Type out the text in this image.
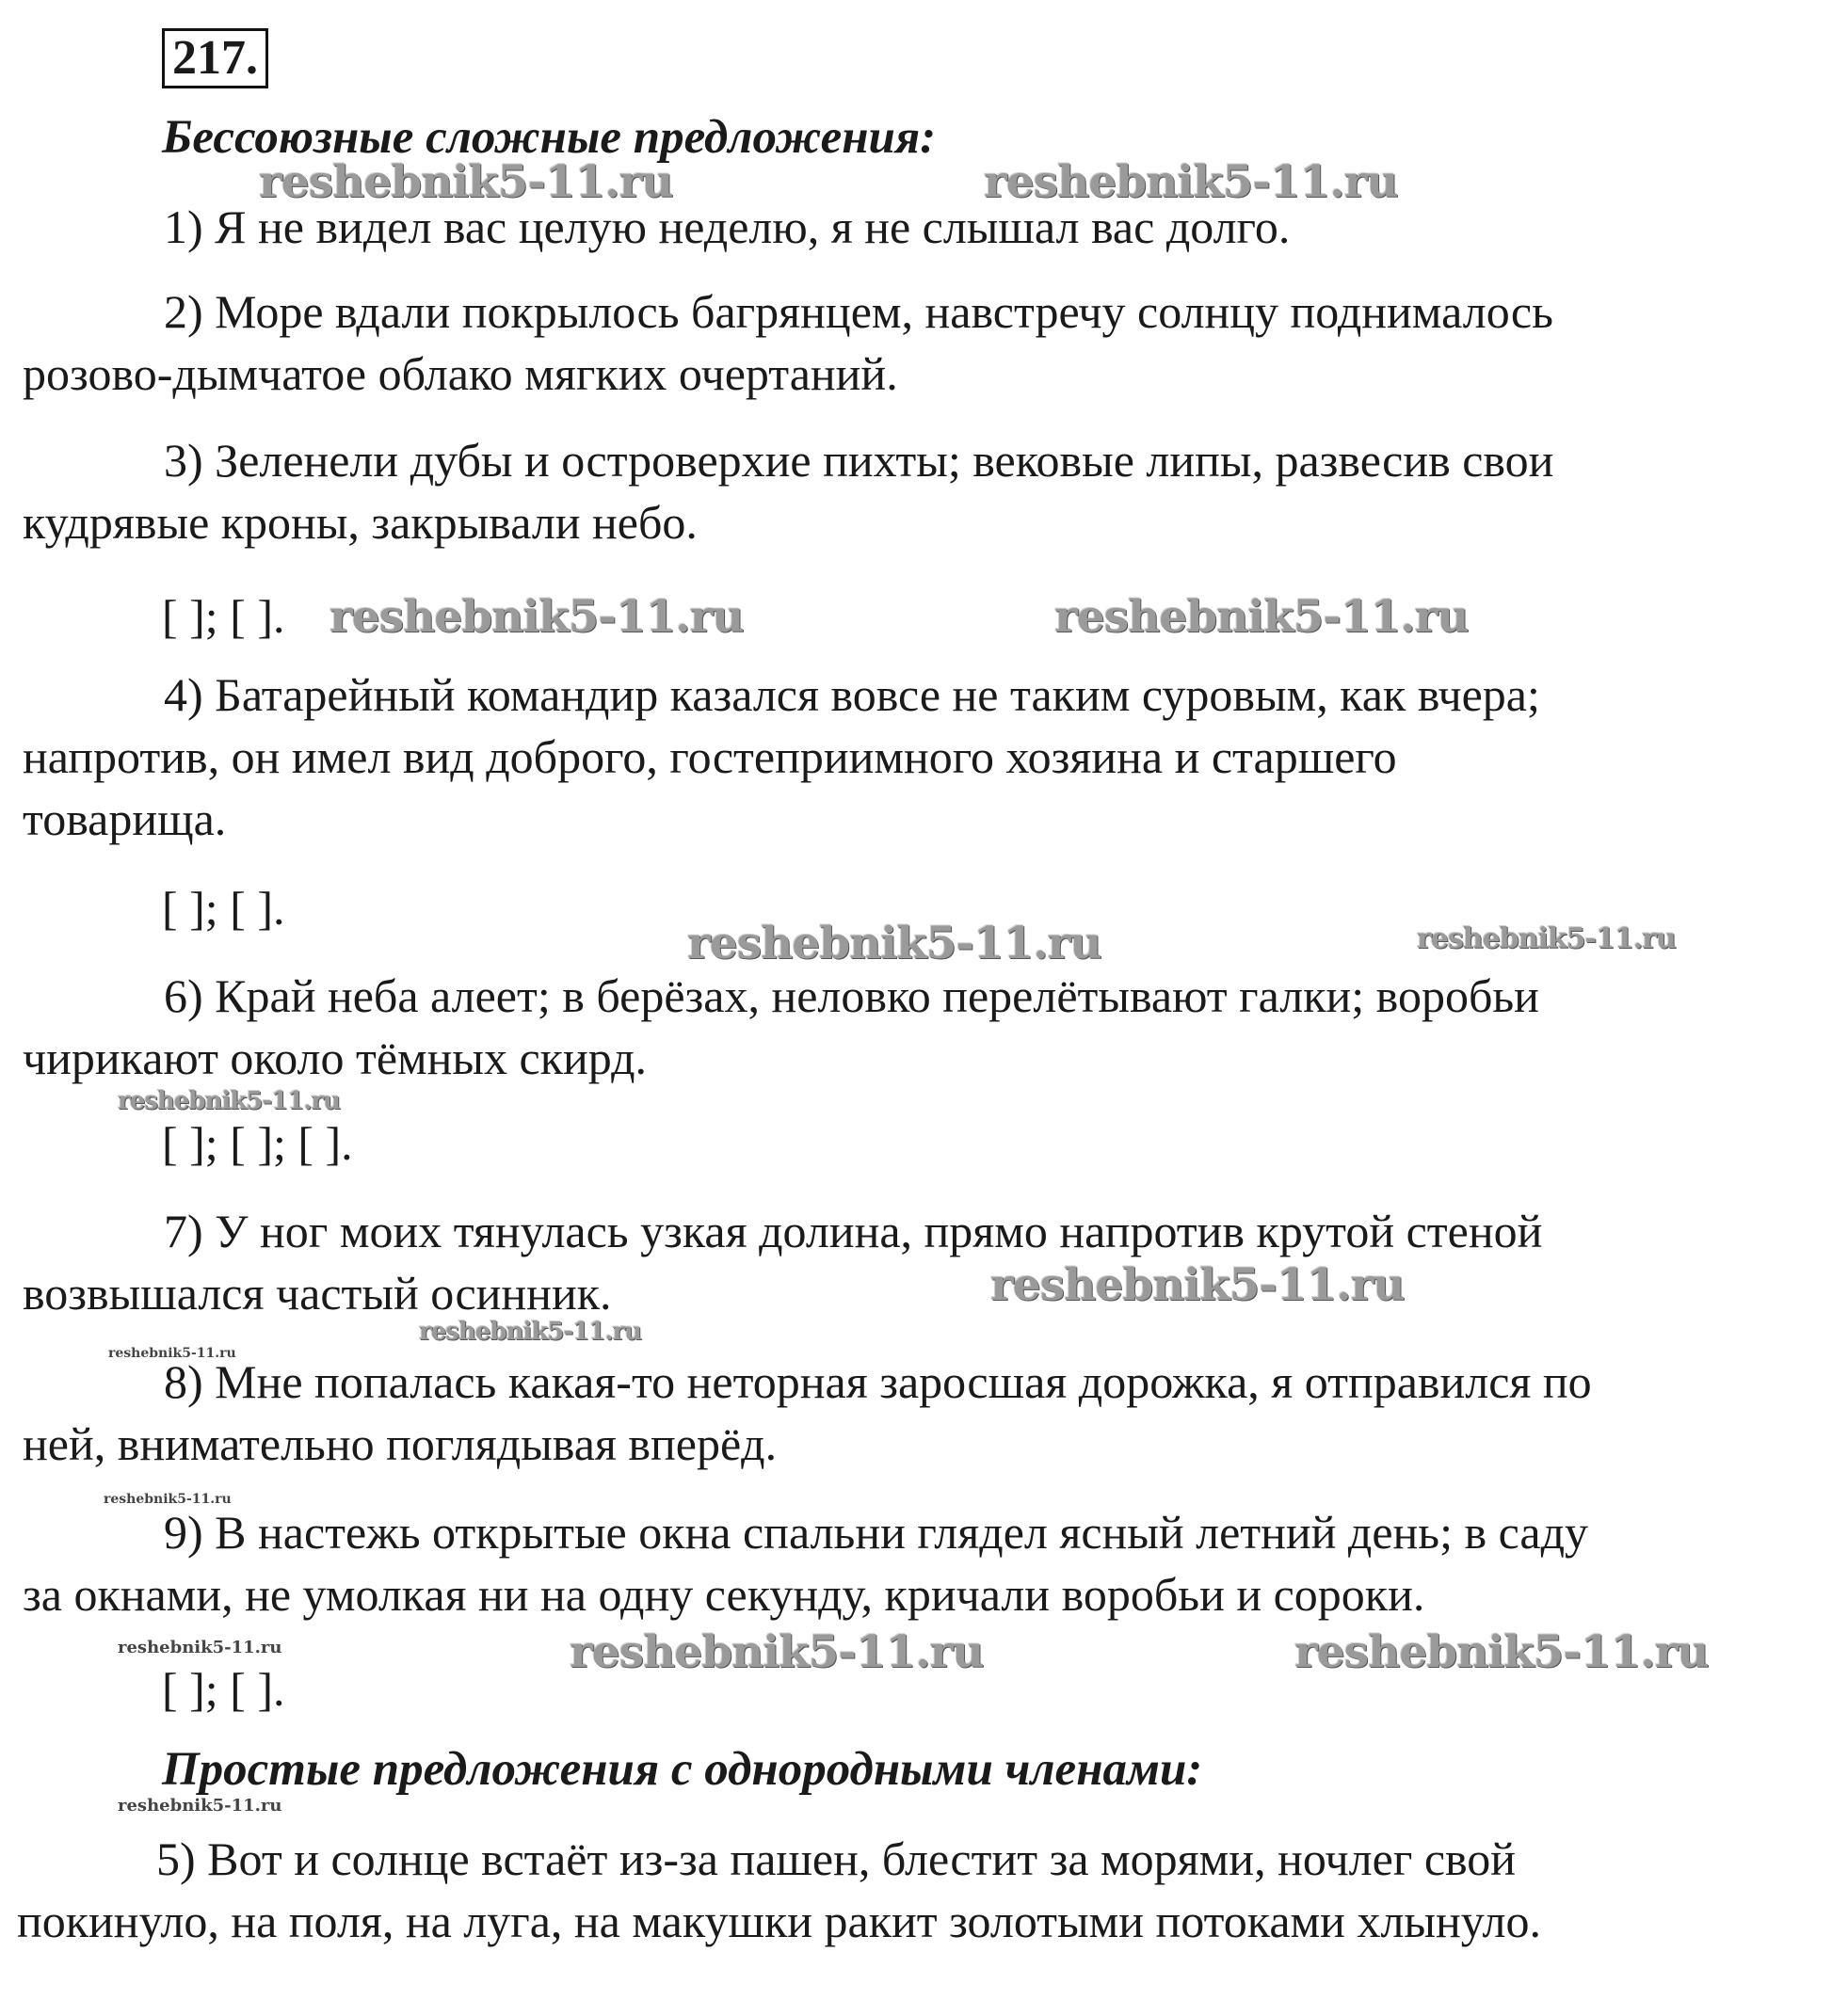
217.
Бессоюзные сложные предложения:
reshebnik5-11.ru	reshebnik5-11.ru
1) Я не видел вас целую неделю, я не слышал вас долго.
2) Море вдали покрылось багрянцем, навстречу солнцу поднималось
розово-дымчатое облако мягких очертаний.
3) Зеленели дубы и островерхие пихты; вековые липы, развесив свои
кудрявые кроны, закрывали небо.
[ ]; [ ]. reshebnik5-11.ru	reshebnik5-11.ru
4) Батарейный командир казался вовсе не таким суровым, как вчера;
напротив, он имел вид доброго, гостеприимного хозяина и старшего
товарища.
[ ]; [ ].
reshebnik5-11.ru	reshebnik5-11.ru
6) Край неба алеет; в берёзах, неловко перелётывают галки; воробьи
чирикают около тёмных скирд.
reshebnik5-11.ru
[ ]; [ ]; [ ].
7) У ног моих тянулась узкая долина, прямо напротив крутой стеной
возвышался частый осинник.	reshebnik5-11.ru
reshebnik5-11.ru
reshebnik5-11.ru
8) Мне попалась какая-то неторная заросшая дорожка, я отправился по
ней, внимательно поглядывая вперёд.
reshebnik5-11.ru
9) В настежь открытые окна спальни глядел ясный летний день; в саду
за окнами, не умолкая ни на одну секунду, кричали воробьи и сороки.
reshebnik5-11.ru	reshebnik5-11.ru	reshebnik5-11.ru
[ ]; [ ].
Простые предложения с однородными членами:
reshebnik5-11.ru
5) Вот и солнце встаёт из-за пашен, блестит за морями, ночлег свой
покинуло, на поля, на луга, на макушки ракит золотыми потоками хлынуло.
